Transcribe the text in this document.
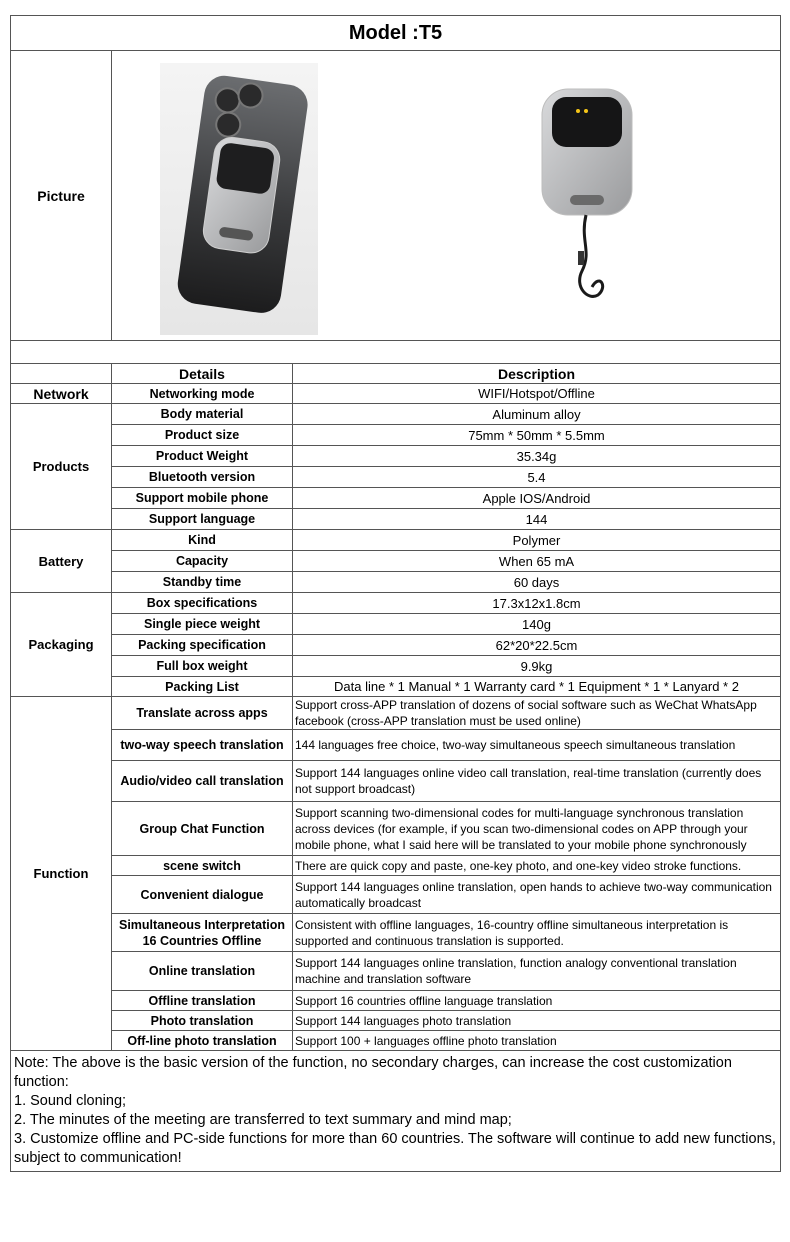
Model :T5		
Picture	

	Details	Description
Network	Networking mode	WIFI/Hotspot/Offline
Products	Body material	Aluminum alloy
	Product size	75mm * 50mm * 5.5mm
	Product Weight	35.34g
	Bluetooth version	5.4
	Support mobile phone	Apple IOS/Android
	Support language	144
Battery	Kind	Polymer
	Capacity	When 65 mA
	Standby time	60 days
Packaging	Box specifications	17.3x12x1.8cm
	Single piece weight	140g
	Packing specification	62*20*22.5cm
	Full box weight	9.9kg
	Packing List	Data line * 1 Manual * 1 Warranty card * 1 Equipment * 1 * Lanyard * 2
Function	Translate across apps	Support cross-APP translation of dozens of social software such as WeChat WhatsApp facebook (cross-APP translation must be used online)
	two-way speech translation	144 languages free choice, two-way simultaneous speech simultaneous translation
	Audio/video call translation	Support 144 languages online video call translation, real-time translation (currently does not support broadcast)
	Group Chat Function	Support scanning two-dimensional codes for multi-language synchronous translation across devices (for example, if you scan two-dimensional codes on APP through your mobile phone, what I said here will be translated to your mobile phone synchronously
	scene switch	There are quick copy and paste, one-key photo, and one-key video stroke functions.
	Convenient dialogue	Support 144 languages online translation, open hands to achieve two-way communication automatically broadcast
	Simultaneous Interpretation 16 Countries Offline	Consistent with offline languages, 16-country offline simultaneous interpretation is supported and continuous translation is supported.
	Online translation	Support 144 languages online translation, function analogy conventional translation machine and translation software
	Offline translation	Support 16 countries offline language translation
	Photo translation	Support 144 languages photo translation
	Off-line photo translation	Support 100 + languages offline photo translation

Note: The above is the basic version of the function, no secondary charges, can increase the cost customization function:
1. Sound cloning;
2. The minutes of the meeting are transferred to text summary and mind map;
3. Customize offline and PC-side functions for more than 60 countries. The software will continue to add new functions, subject to communication!		
